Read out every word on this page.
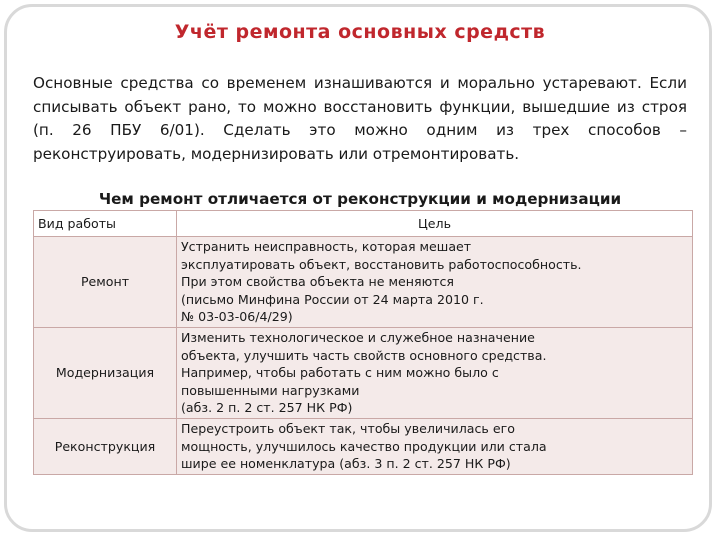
Учёт ремонта основных средств
Основные средства со временем изнашиваются и морально устаревают. Если списывать объект рано, то можно восстановить функции, вышедшие из строя (п. 26 ПБУ 6/01). Сделать это можно одним из трех способов – реконструировать, модернизировать или отремонтировать.
Чем ремонт отличается от реконструкции и модернизации
Вид работы	Цель
Ремонт	Устранить неисправность, которая мешает
эксплуатировать объект, восстановить работоспособность.
При этом свойства объекта не меняются
(письмо Минфина России от 24 марта 2010 г.
№ 03-03-06/4/29)

Модернизация	Изменить технологическое и служебное назначение
объекта, улучшить часть свойств основного средства.
Например, чтобы работать с ним можно было с
повышенными нагрузками
(абз. 2 п. 2 ст. 257 НК РФ)

Реконструкция	Переустроить объект так, чтобы увеличилась его
мощность, улучшилось качество продукции или стала
шире ее номенклатура (абз. 3 п. 2 ст. 257 НК РФ)
